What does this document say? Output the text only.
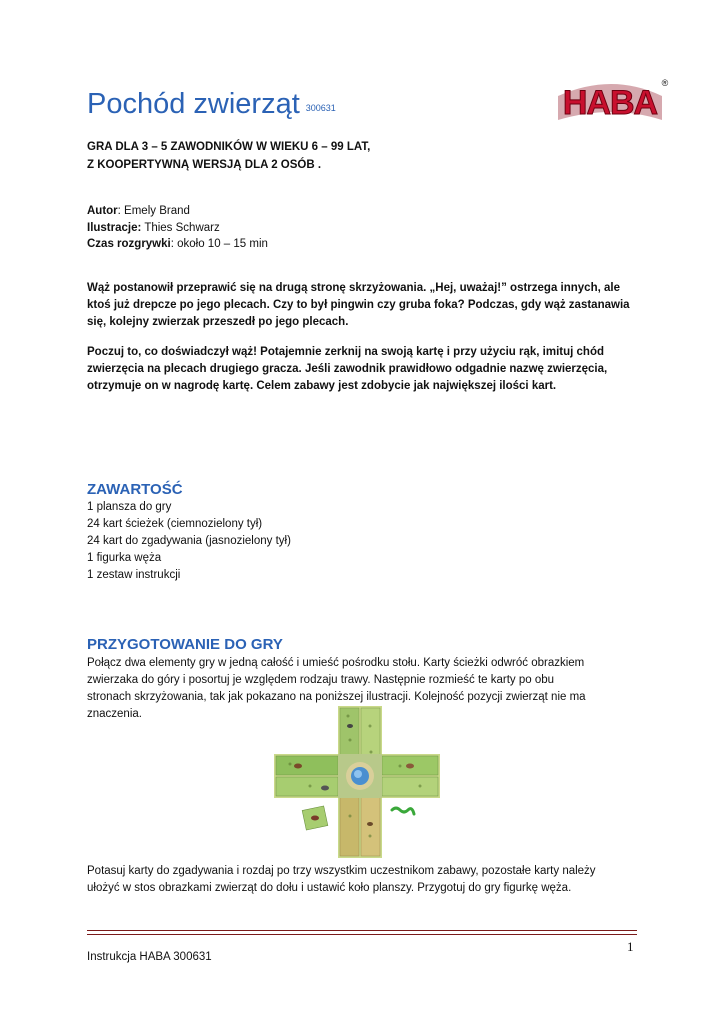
Pochód zwierząt 300631	HABA
®
GRA DLA 3 – 5 ZAWODNIKÓW W WIEKU 6 – 99 LAT,
Z KOOPERTYWNĄ WERSJĄ DLA 2 OSÓB .
Autor: Emely Brand
Ilustracje: Thies Schwarz
Czas rozgrywki: około 10 – 15 min
Wąż postanowił przeprawić się na drugą stronę skrzyżowania. „Hej, uważaj!” ostrzega innych, ale
ktoś już drepcze po jego plecach. Czy to był pingwin czy gruba foka? Podczas, gdy wąż zastanawia
się, kolejny zwierzak przeszedł po jego plecach.
Poczuj to, co doświadczył wąż! Potajemnie zerknij na swoją kartę i przy użyciu rąk, imituj chód
zwierzęcia na plecach drugiego gracza. Jeśli zawodnik prawidłowo odgadnie nazwę zwierzęcia,
otrzymuje on w nagrodę kartę. Celem zabawy jest zdobycie jak największej ilości kart.
ZAWARTOŚĆ
1 plansza do gry
24 kart ścieżek (ciemnozielony tył)
24 kart do zgadywania (jasnozielony tył)
1 figurka węża
1 zestaw instrukcji
PRZYGOTOWANIE DO GRY
Połącz dwa elementy gry w jedną całość i umieść pośrodku stołu. Karty ścieżki odwróć obrazkiem
zwierzaka do góry i posortuj je względem rodzaju trawy. Następnie rozmieść te karty po obu
stronach skrzyżowania, tak jak pokazano na poniższej ilustracji. Kolejność pozycji zwierząt nie ma
znaczenia.
Potasuj karty do zgadywania i rozdaj po trzy wszystkim uczestnikom zabawy, pozostałe karty należy
ułożyć w stos obrazkami zwierząt do dołu i ustawić koło planszy. Przygotuj do gry figurkę węża.
1
Instrukcja HABA 300631
